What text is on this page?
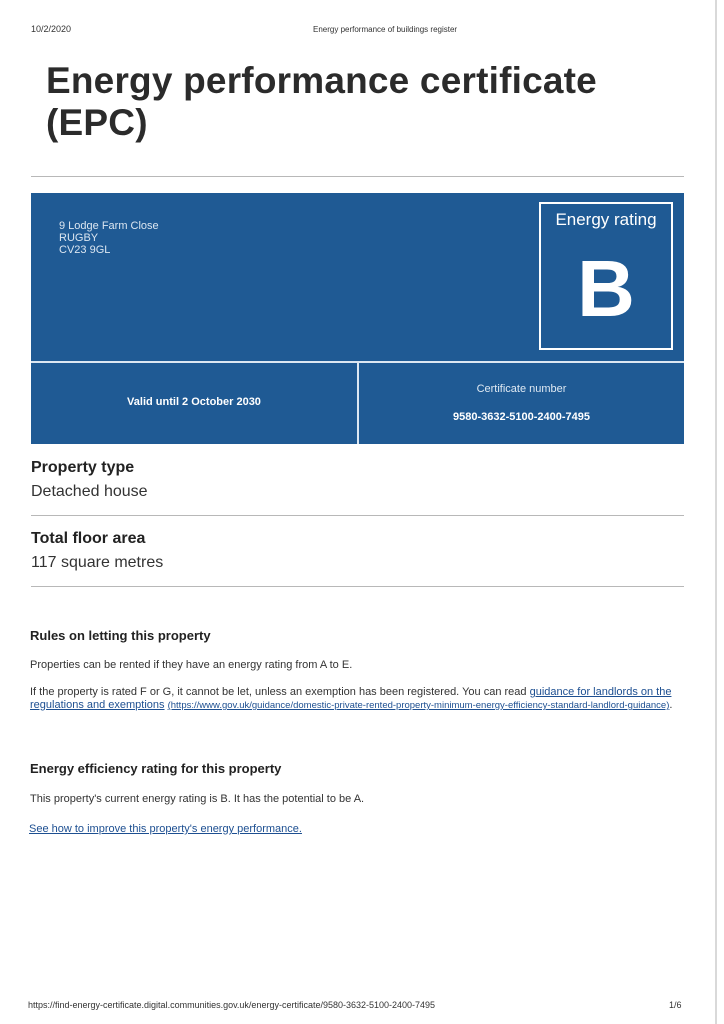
10/2/2020	Energy performance of buildings register
Energy performance certificate
(EPC)
9 Lodge Farm Close
RUGBY
CV23 9GL
Energy rating
B
Valid until 2 October 2030
Certificate number
9580-3632-5100-2400-7495
Property type
Detached house
Total floor area
117 square metres
Rules on letting this property
Properties can be rented if they have an energy rating from A to E.
If the property is rated F or G, it cannot be let, unless an exemption has been registered. You can read guidance for landlords on the regulations and exemptions (https://www.gov.uk/guidance/domestic-private-rented-property-minimum-energy-efficiency-standard-landlord-guidance).
Energy efficiency rating for this property
This property's current energy rating is B. It has the potential to be A.
See how to improve this property's energy performance.
https://find-energy-certificate.digital.communities.gov.uk/energy-certificate/9580-3632-5100-2400-7495	1/6
